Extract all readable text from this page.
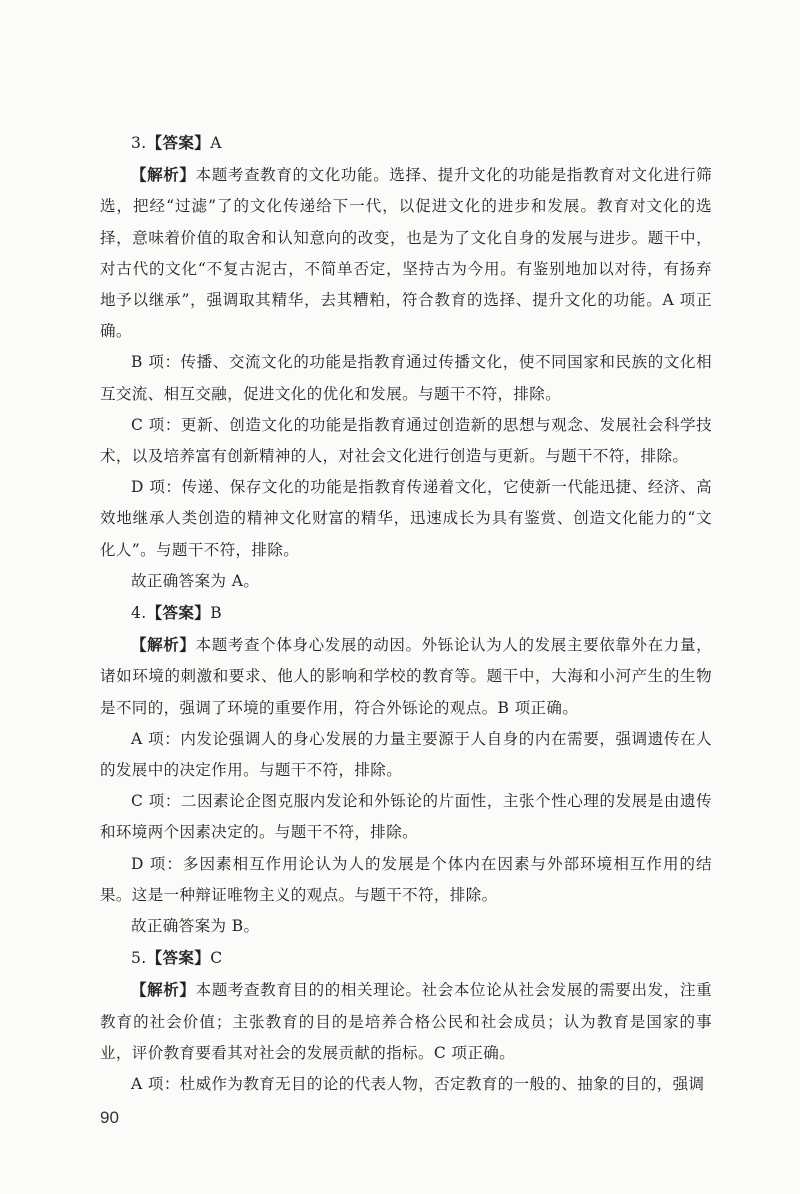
3.【答案】A

【解析】本题考查教育的文化功能。选择、提升文化的功能是指教育对文化进行筛选，把经“过滤”了的文化传递给下一代，以促进文化的进步和发展。教育对文化的选择，意味着价值的取舍和认知意向的改变，也是为了文化自身的发展与进步。题干中，对古代的文化“不复古泥古，不简单否定，坚持古为今用。有鉴别地加以对待，有扬弃地予以继承”，强调取其精华，去其糟粕，符合教育的选择、提升文化的功能。A 项正确。

B 项：传播、交流文化的功能是指教育通过传播文化，使不同国家和民族的文化相互交流、相互交融，促进文化的优化和发展。与题干不符，排除。

C 项：更新、创造文化的功能是指教育通过创造新的思想与观念、发展社会科学技术，以及培养富有创新精神的人，对社会文化进行创造与更新。与题干不符，排除。

D 项：传递、保存文化的功能是指教育传递着文化，它使新一代能迅捷、经济、高效地继承人类创造的精神文化财富的精华，迅速成长为具有鉴赏、创造文化能力的“文化人”。与题干不符，排除。

故正确答案为 A。

4.【答案】B

【解析】本题考查个体身心发展的动因。外铄论认为人的发展主要依靠外在力量，诸如环境的刺激和要求、他人的影响和学校的教育等。题干中，大海和小河产生的生物是不同的，强调了环境的重要作用，符合外铄论的观点。B 项正确。

A 项：内发论强调人的身心发展的力量主要源于人自身的内在需要，强调遗传在人的发展中的决定作用。与题干不符，排除。

C 项：二因素论企图克服内发论和外铄论的片面性，主张个性心理的发展是由遗传和环境两个因素决定的。与题干不符，排除。

D 项：多因素相互作用论认为人的发展是个体内在因素与外部环境相互作用的结果。这是一种辩证唯物主义的观点。与题干不符，排除。

故正确答案为 B。

5.【答案】C

【解析】本题考查教育目的的相关理论。社会本位论从社会发展的需要出发，注重教育的社会价值；主张教育的目的是培养合格公民和社会成员；认为教育是国家的事业，评价教育要看其对社会的发展贡献的指标。C 项正确。

A 项：杜威作为教育无目的论的代表人物，否定教育的一般的、抽象的目的，强调

90
